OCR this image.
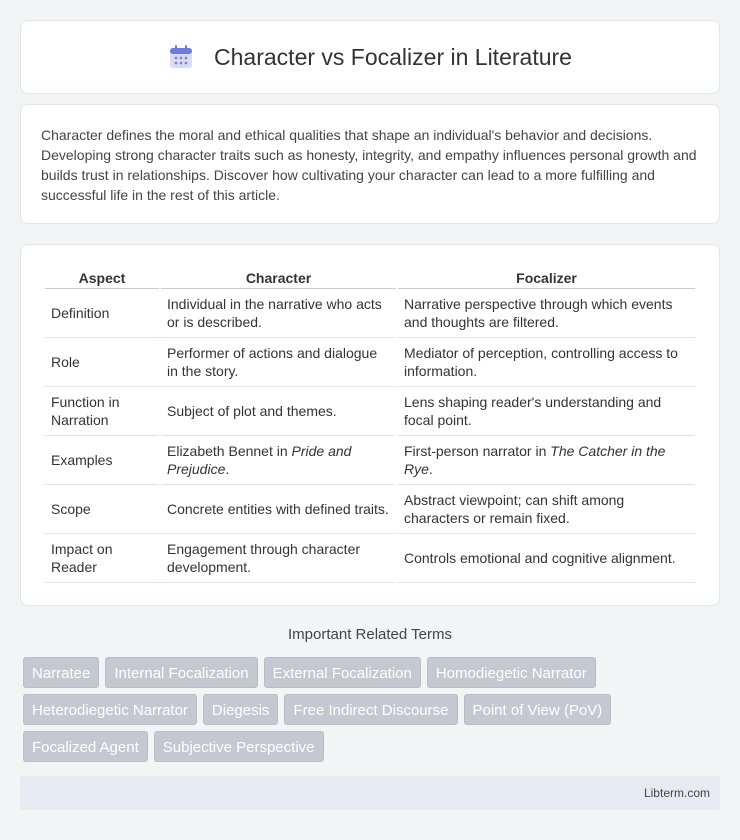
Character vs Focalizer in Literature

Character defines the moral and ethical qualities that shape an individual's behavior and decisions. Developing strong character traits such as honesty, integrity, and empathy influences personal growth and builds trust in relationships. Discover how cultivating your character can lead to a more fulfilling and successful life in the rest of this article.

Aspect	Character	Focalizer
Definition	Individual in the narrative who acts or is described.	Narrative perspective through which events and thoughts are filtered.
Role	Performer of actions and dialogue in the story.	Mediator of perception, controlling access to information.
Function in Narration	Subject of plot and themes.	Lens shaping reader's understanding and focal point.
Examples	Elizabeth Bennet in Pride and Prejudice.	First-person narrator in The Catcher in the Rye.
Scope	Concrete entities with defined traits.	Abstract viewpoint; can shift among characters or remain fixed.
Impact on Reader	Engagement through character development.	Controls emotional and cognitive alignment.
Important Related Terms
Narratee	Internal Focalization	External Focalization	Homodiegetic Narrator
Heterodiegetic Narrator	Diegesis	Free Indirect Discourse	Point of View (PoV)
Focalized Agent	Subjective Perspective
Libterm.com
